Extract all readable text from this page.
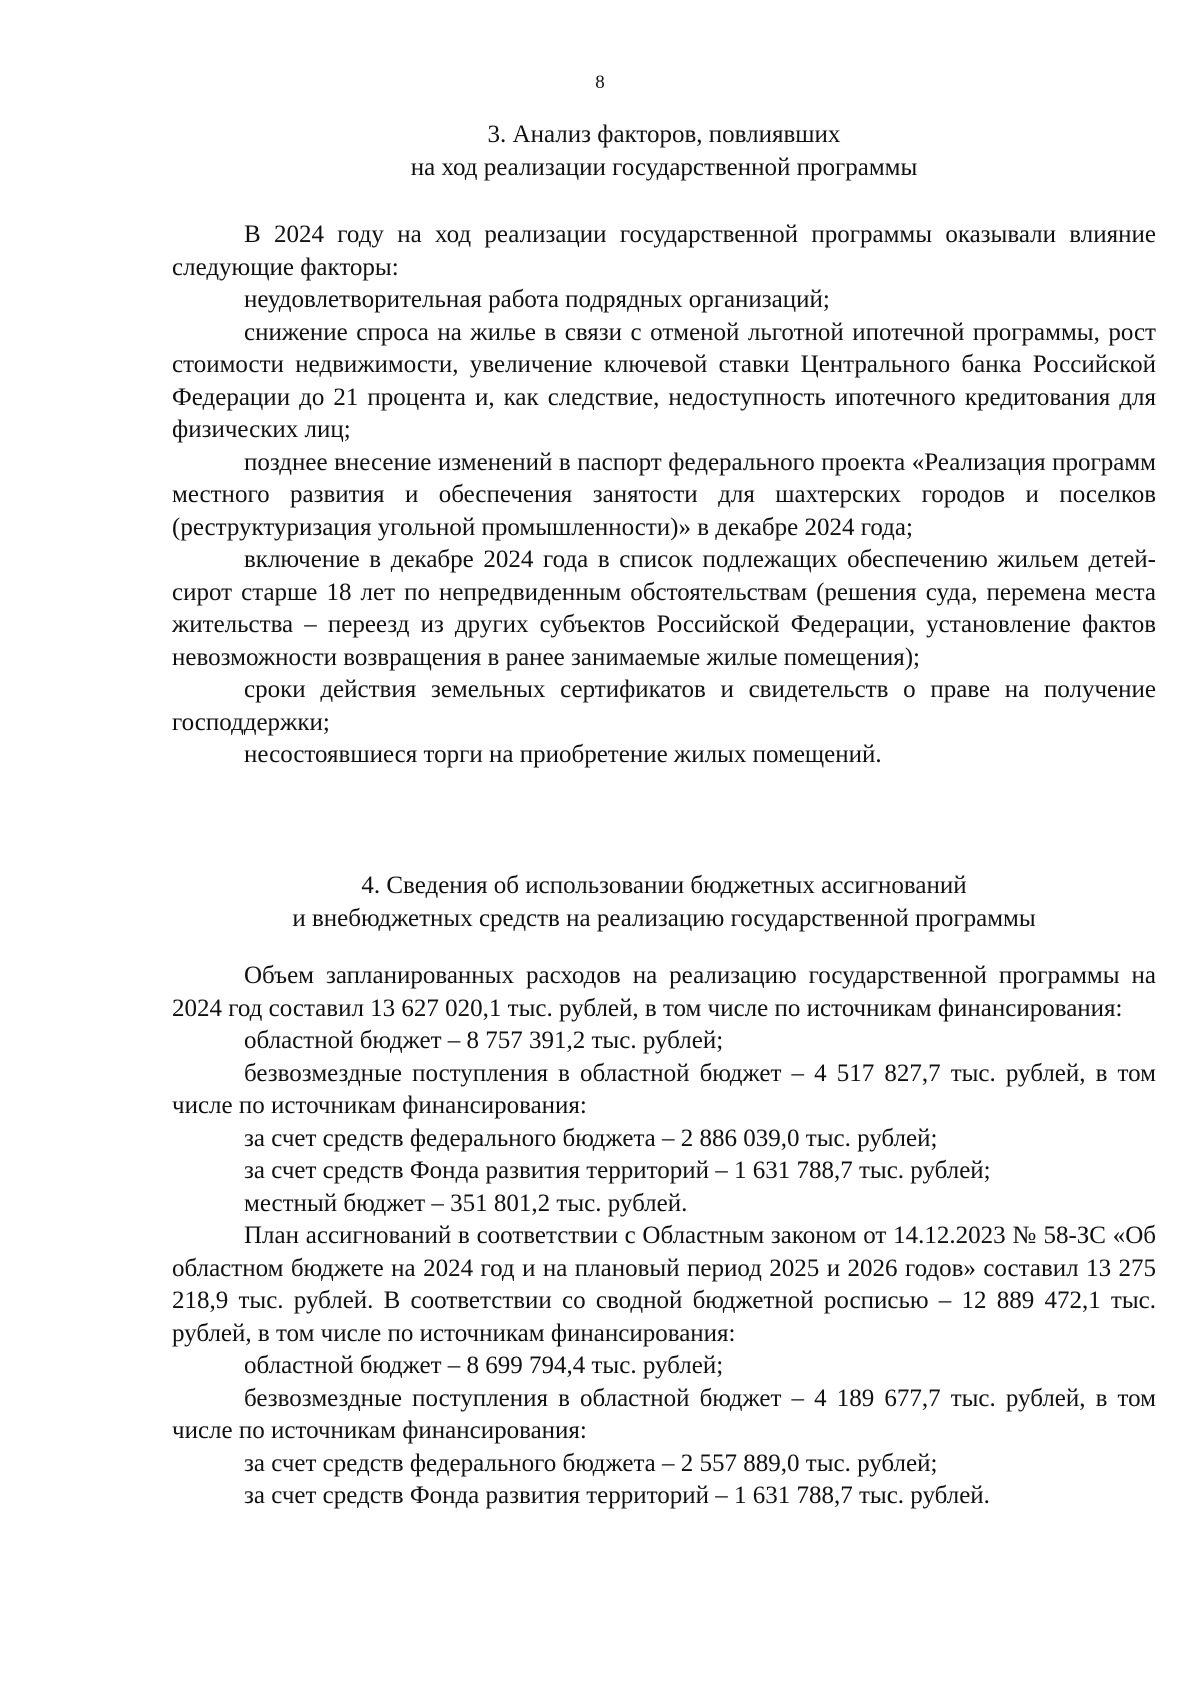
8
3. Анализ факторов, повлиявших
на ход реализации государственной программы

В 2024 году на ход реализации государственной программы оказывали влияние следующие факторы:

неудовлетворительная работа подрядных организаций;

снижение спроса на жилье в связи с отменой льготной ипотечной программы, рост стоимости недвижимости, увеличение ключевой ставки Центрального банка Российской Федерации до 21 процента и, как следствие, недоступность ипотечного кредитования для физических лиц;

позднее внесение изменений в паспорт федерального проекта «Реализация программ местного развития и обеспечения занятости для шахтерских городов и поселков (реструктуризация угольной промышленности)» в декабре 2024 года;

включение в декабре 2024 года в список подлежащих обеспечению жильем детей-сирот старше 18 лет по непредвиденным обстоятельствам (решения суда, перемена места жительства – переезд из других субъектов Российской Федерации, установление фактов невозможности возвращения в ранее занимаемые жилые помещения);

сроки действия земельных сертификатов и свидетельств о праве на получение господдержки;

несостоявшиеся торги на приобретение жилых помещений.

4. Сведения об использовании бюджетных ассигнований
и внебюджетных средств на реализацию государственной программы

Объем запланированных расходов на реализацию государственной программы на 2024 год составил 13 627 020,1 тыс. рублей, в том числе по источникам финансирования:

областной бюджет – 8 757 391,2 тыс. рублей;

безвозмездные поступления в областной бюджет – 4 517 827,7 тыс. рублей, в том числе по источникам финансирования:

за счет средств федерального бюджета – 2 886 039,0 тыс. рублей;

за счет средств Фонда развития территорий – 1 631 788,7 тыс. рублей;

местный бюджет – 351 801,2 тыс. рублей.

План ассигнований в соответствии с Областным законом от 14.12.2023 № 58-ЗС «Об областном бюджете на 2024 год и на плановый период 2025 и 2026 годов» составил 13 275 218,9 тыс. рублей. В соответствии со сводной бюджетной росписью – 12 889 472,1 тыс. рублей, в том числе по источникам финансирования:

областной бюджет – 8 699 794,4 тыс. рублей;

безвозмездные поступления в областной бюджет – 4 189 677,7 тыс. рублей, в том числе по источникам финансирования:

за счет средств федерального бюджета – 2 557 889,0 тыс. рублей;

за счет средств Фонда развития территорий – 1 631 788,7 тыс. рублей.
